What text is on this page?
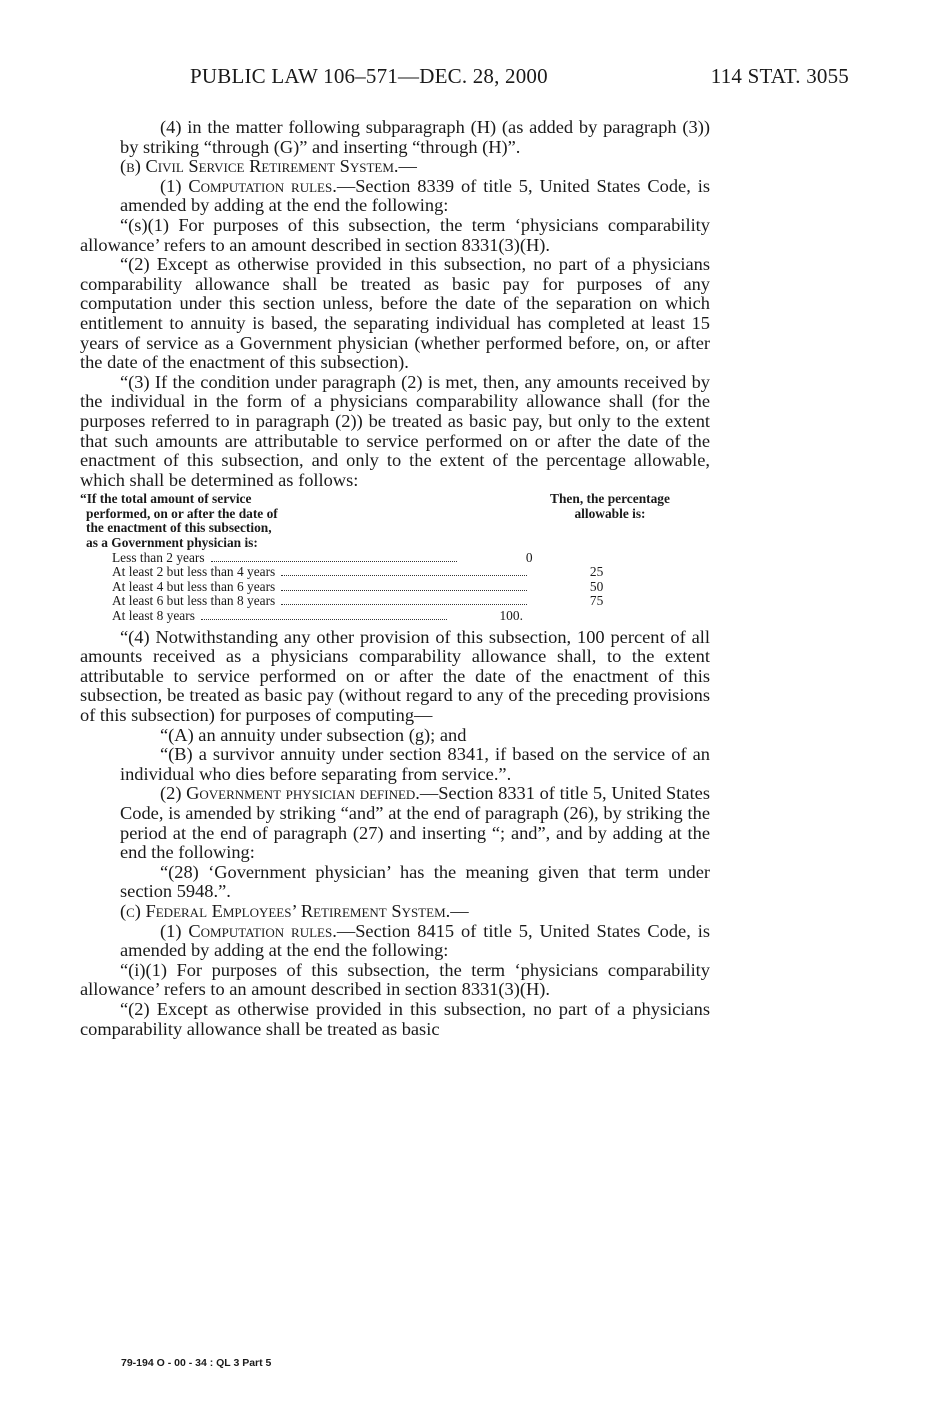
PUBLIC LAW 106–571—DEC. 28, 2000	114 STAT. 3055

(4) in the matter following subparagraph (H) (as added by paragraph (3)) by striking “through (G)” and inserting “through (H)”.

(b) Civil Service Retirement System.—

(1) Computation rules.—Section 8339 of title 5, United States Code, is amended by adding at the end the following:

“(s)(1) For purposes of this subsection, the term ‘physicians comparability allowance’ refers to an amount described in section 8331(3)(H).

“(2) Except as otherwise provided in this subsection, no part of a physicians comparability allowance shall be treated as basic pay for purposes of any computation under this section unless, before the date of the separation on which entitlement to annuity is based, the separating individual has completed at least 15 years of service as a Government physician (whether performed before, on, or after the date of the enactment of this subsection).

“(3) If the condition under paragraph (2) is met, then, any amounts received by the individual in the form of a physicians comparability allowance shall (for the purposes referred to in paragraph (2)) be treated as basic pay, but only to the extent that such amounts are attributable to service performed on or after the date of the enactment of this subsection, and only to the extent of the percentage allowable, which shall be determined as follows:

“If the total amount of service
performed, on or after the date of
the enactment of this subsection,
as a Government physician is:
Then, the percentage
allowable is:
Less than 2 years	0
At least 2 but less than 4 years	25
At least 4 but less than 6 years	50
At least 6 but less than 8 years	75
At least 8 years	100.

“(4) Notwithstanding any other provision of this subsection, 100 percent of all amounts received as a physicians comparability allowance shall, to the extent attributable to service performed on or after the date of the enactment of this subsection, be treated as basic pay (without regard to any of the preceding provisions of this subsection) for purposes of computing—

“(A) an annuity under subsection (g); and

“(B) a survivor annuity under section 8341, if based on the service of an individual who dies before separating from service.”.

(2) Government physician defined.—Section 8331 of title 5, United States Code, is amended by striking “and” at the end of paragraph (26), by striking the period at the end of paragraph (27) and inserting “; and”, and by adding at the end the following:

“(28) ‘Government physician’ has the meaning given that term under section 5948.”.

(c) Federal Employees’ Retirement System.—

(1) Computation rules.—Section 8415 of title 5, United States Code, is amended by adding at the end the following:

“(i)(1) For purposes of this subsection, the term ‘physicians comparability allowance’ refers to an amount described in section 8331(3)(H).

“(2) Except as otherwise provided in this subsection, no part of a physicians comparability allowance shall be treated as basic

79-194 O - 00 - 34 : QL 3 Part 5
